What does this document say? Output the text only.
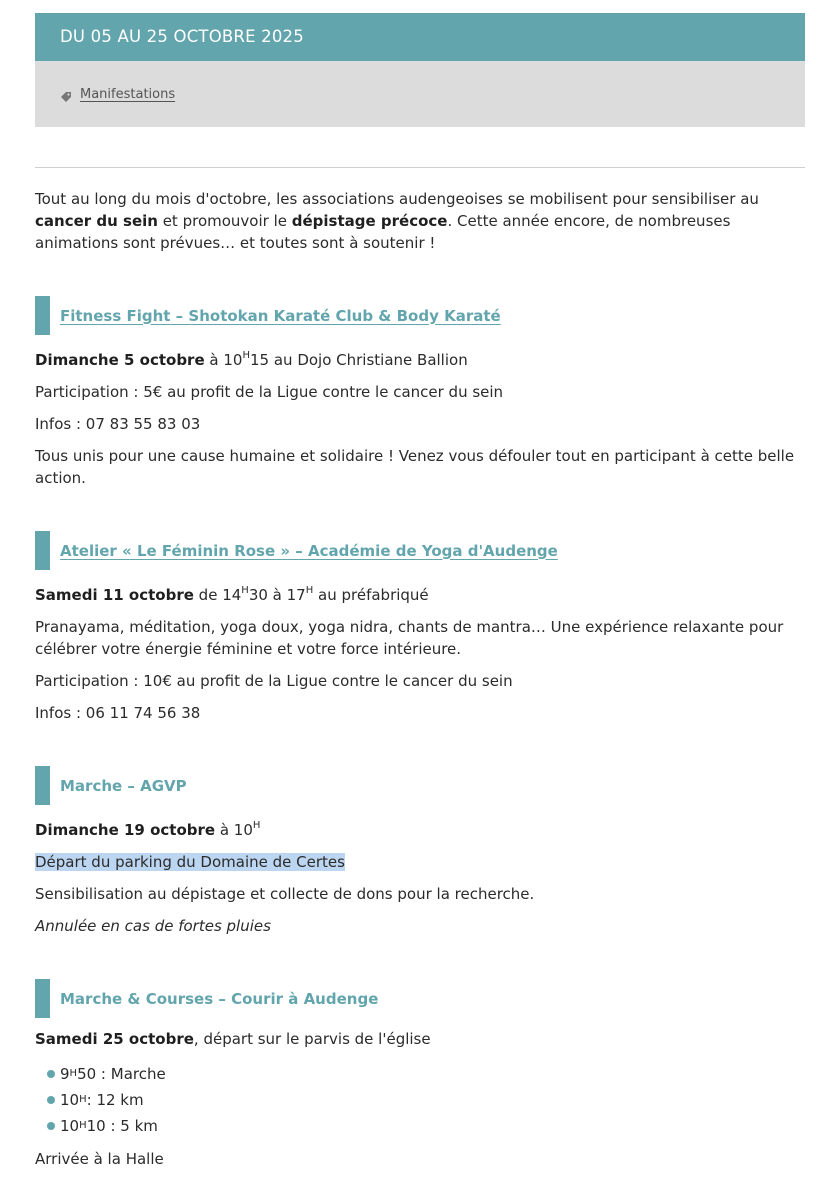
DU 05 AU 25 OCTOBRE 2025
Manifestations

Tout au long du mois d'octobre, les associations audengeoises se mobilisent pour sensibiliser au cancer du sein et promouvoir le dépistage précoce. Cette année encore, de nombreuses animations sont prévues… et toutes sont à soutenir !

Fitness Fight – Shotokan Karaté Club & Body Karaté

Dimanche 5 octobre à $10^H15$ au Dojo Christiane Ballion

Participation : 5€ au profit de la Ligue contre le cancer du sein

Infos : 07 83 55 83 03

Tous unis pour une cause humaine et solidaire ! Venez vous défouler tout en participant à cette belle action.

Atelier « Le Féminin Rose » – Académie de Yoga d'Audenge

Samedi 11 octobre de $14^H30$ à $17^H$ au préfabriqué

Pranayama, méditation, yoga doux, yoga nidra, chants de mantra… Une expérience relaxante pour célébrer votre énergie féminine et votre force intérieure.

Participation : 10€ au profit de la Ligue contre le cancer du sein

Infos : 06 11 74 56 38

Marche – AGVP

Dimanche 19 octobre à $10^H$

Départ du parking du Domaine de Certes

Sensibilisation au dépistage et collecte de dons pour la recherche.

Annulée en cas de fortes pluies

Marche & Courses – Courir à Audenge

Samedi 25 octobre, départ sur le parvis de l'église

9 H 50 : Marche
10 H : 12 km
10 H 10 : 5 km

Arrivée à la Halle
